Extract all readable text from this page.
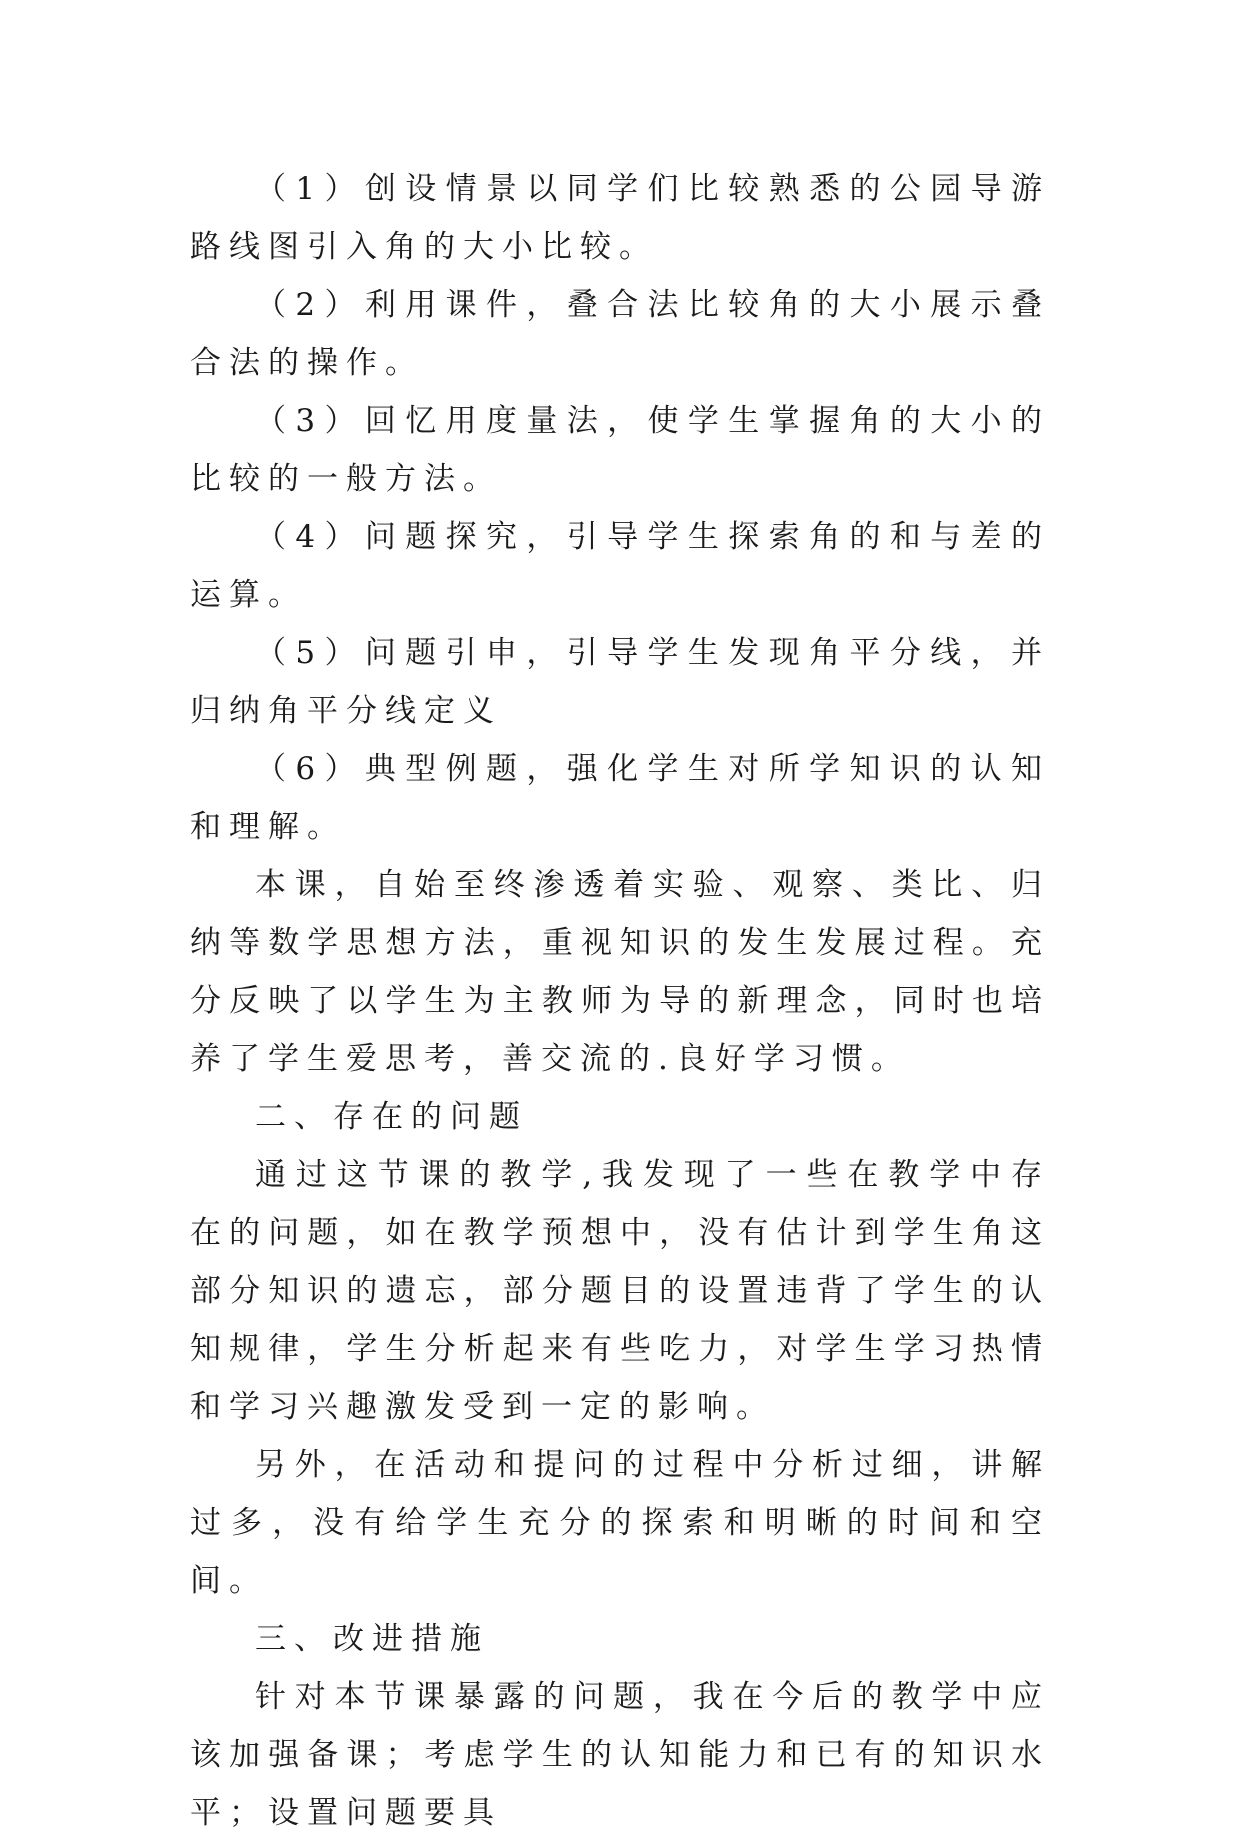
（1）创设情景以同学们比较熟悉的公园导游路线图引入角的大小比较。

（2）利用课件，叠合法比较角的大小展示叠合法的操作。

（3）回忆用度量法，使学生掌握角的大小的比较的一般方法。

（4）问题探究，引导学生探索角的和与差的运算。

（5）问题引申，引导学生发现角平分线，并归纳角平分线定义

（6）典型例题，强化学生对所学知识的认知和理解。

本课，自始至终渗透着实验、观察、类比、归纳等数学思想方法，重视知识的发生发展过程。充分反映了以学生为主教师为导的新理念，同时也培养了学生爱思考，善交流的.良好学习惯。

二、存在的问题

通过这节课的教学,我发现了一些在教学中存在的问题，如在教学预想中，没有估计到学生角这部分知识的遗忘，部分题目的设置违背了学生的认知规律，学生分析起来有些吃力，对学生学习热情和学习兴趣激发受到一定的影响。

另外，在活动和提问的过程中分析过细，讲解过多，没有给学生充分的探索和明晰的时间和空间。

三、改进措施

针对本节课暴露的问题，我在今后的教学中应该加强备课；考虑学生的认知能力和已有的知识水平；设置问题要具
